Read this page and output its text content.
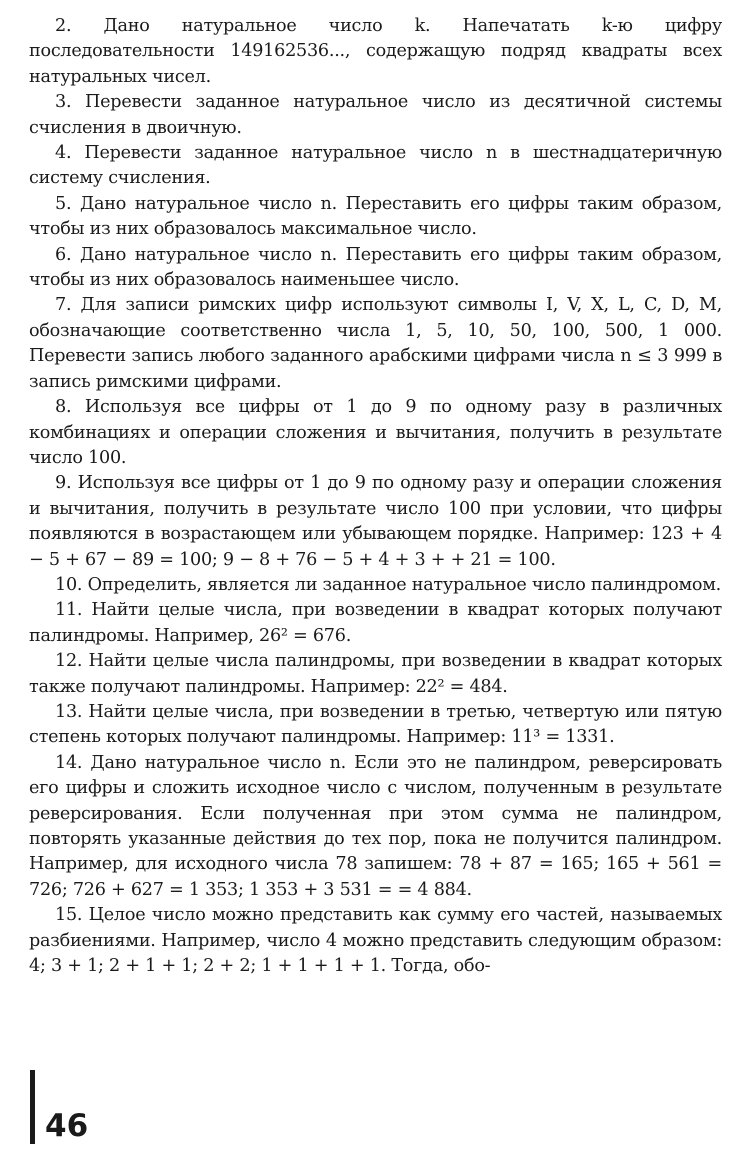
2. Дано натуральное число k. Напечатать k-ю цифру последовательности 149162536..., содержащую подряд квадраты всех натуральных чисел.

3. Перевести заданное натуральное число из десятичной системы счисления в двоичную.

4. Перевести заданное натуральное число n в шестнадцатеричную систему счисления.

5. Дано натуральное число n. Переставить его цифры таким образом, чтобы из них образовалось максимальное число.

6. Дано натуральное число n. Переставить его цифры таким образом, чтобы из них образовалось наименьшее число.

7. Для записи римских цифр используют символы I, V, X, L, C, D, M, обозначающие соответственно числа 1, 5, 10, 50, 100, 500, 1 000. Перевести запись любого заданного арабскими цифрами числа n ≤ 3 999 в запись римскими цифрами.

8. Используя все цифры от 1 до 9 по одному разу в различных комбинациях и операции сложения и вычитания, получить в результате число 100.

9. Используя все цифры от 1 до 9 по одному разу и операции сложения и вычитания, получить в результате число 100 при условии, что цифры появляются в возрастающем или убывающем порядке. Например: 123 + 4 − 5 + 67 − 89 = 100; 9 − 8 + 76 − 5 + 4 + 3 + + 21 = 100.

10. Определить, является ли заданное натуральное число палиндромом.

11. Найти целые числа, при возведении в квадрат которых получают палиндромы. Например, 26² = 676.

12. Найти целые числа палиндромы, при возведении в квадрат которых также получают палиндромы. Например: 22² = 484.

13. Найти целые числа, при возведении в третью, четвертую или пятую степень которых получают палиндромы. Например: 11³ = 1331.

14. Дано натуральное число n. Если это не палиндром, реверсировать его цифры и сложить исходное число с числом, полученным в результате реверсирования. Если полученная при этом сумма не палиндром, повторять указанные действия до тех пор, пока не получится палиндром. Например, для исходного числа 78 запишем: 78 + 87 = 165; 165 + 561 = 726; 726 + 627 = 1 353; 1 353 + 3 531 = = 4 884.

15. Целое число можно представить как сумму его частей, называемых разбиениями. Например, число 4 можно представить следующим образом: 4; 3 + 1; 2 + 1 + 1; 2 + 2; 1 + 1 + 1 + 1. Тогда, обо-

46
